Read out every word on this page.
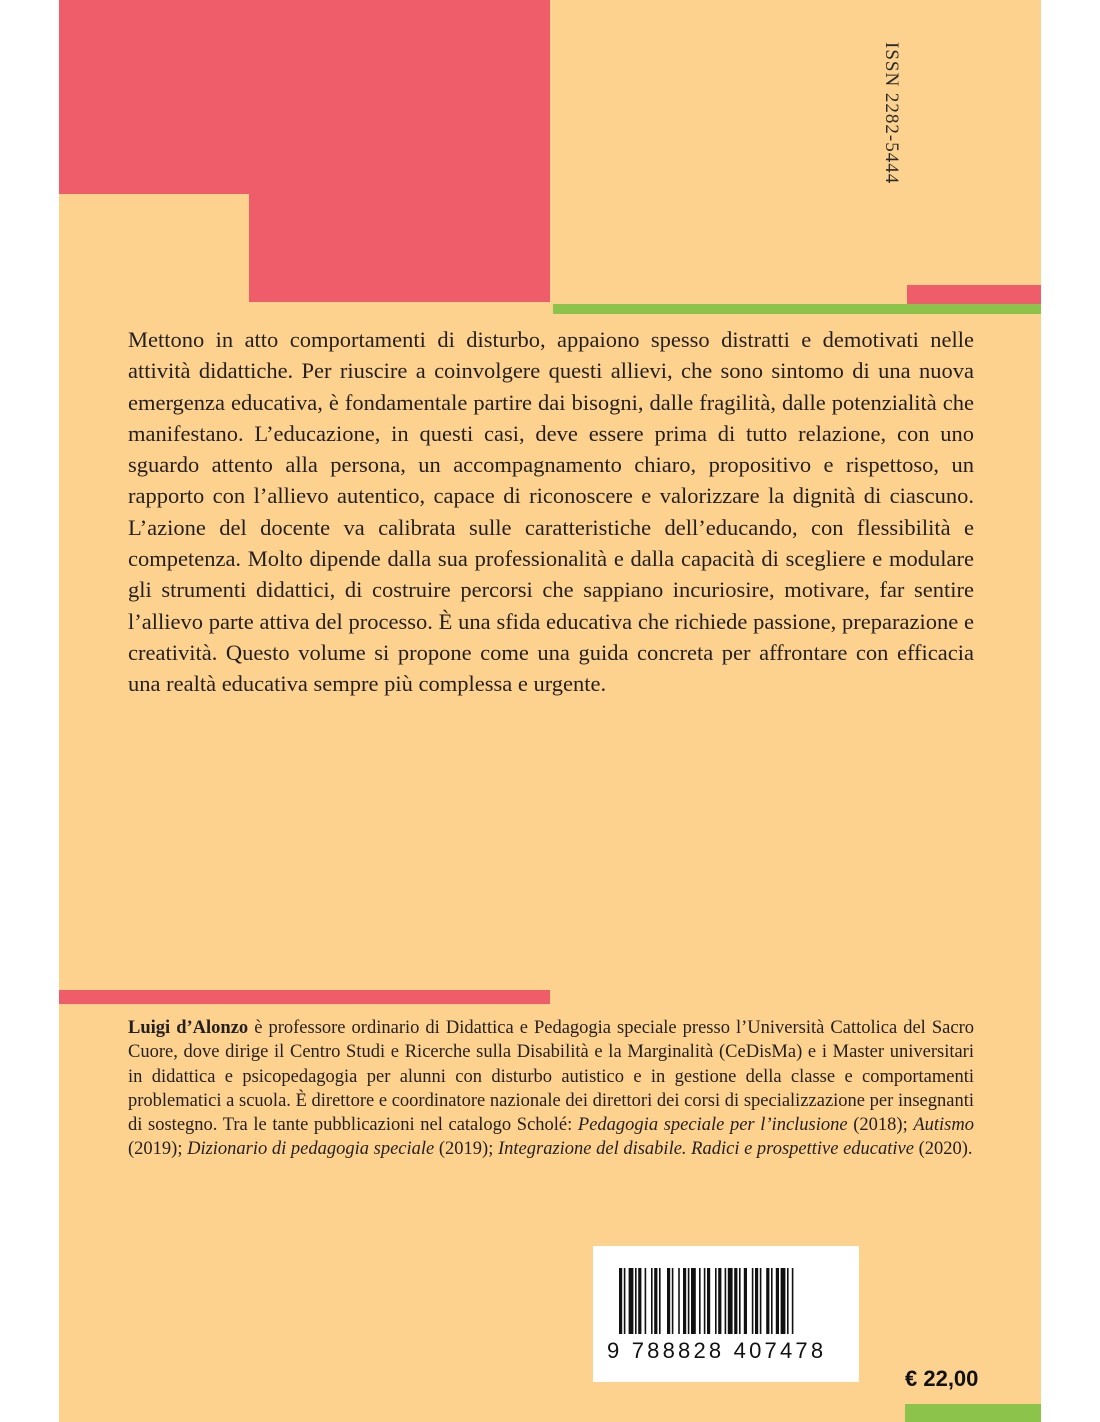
ISSN 2282-5444

Mettono in atto comportamenti di disturbo, appaiono spesso distratti e demotivati nelle attività didattiche. Per riuscire a coinvolgere questi allievi, che sono sintomo di una nuova emergenza educativa, è fondamentale partire dai bisogni, dalle fragilità, dalle potenzialità che manifestano. L’educazione, in questi casi, deve essere prima di tutto relazione, con uno sguardo attento alla persona, un accompagnamento chiaro, propositivo e rispettoso, un rapporto con l’allievo autentico, capace di riconoscere e valorizzare la dignità di ciascuno. L’azione del docente va calibrata sulle caratteristiche dell’educando, con flessibilità e competenza. Molto dipende dalla sua professionalità e dalla capacità di scegliere e modulare gli strumenti didattici, di costruire percorsi che sappiano incuriosire, motivare, far sentire l’allievo parte attiva del processo. È una sfida educativa che richiede passione, preparazione e creatività. Questo volume si propone come una guida concreta per affrontare con efficacia una realtà educativa sempre più complessa e urgente.

Luigi d’Alonzo è professore ordinario di Didattica e Pedagogia speciale presso l’Università Cattolica del Sacro Cuore, dove dirige il Centro Studi e Ricerche sulla Disabilità e la Marginalità (CeDisMa) e i Master universitari in didattica e psicopedagogia per alunni con disturbo autistico e in gestione della classe e comportamenti problematici a scuola. È direttore e coordinatore nazionale dei direttori dei corsi di specializzazione per insegnanti di sostegno. Tra le tante pubblicazioni nel catalogo Scholé: Pedagogia speciale per l’inclusione (2018); Autismo (2019); Dizionario di pedagogia speciale (2019); Integrazione del disabile. Radici e prospettive educative (2020).

9 788828 407478
€ 22,00
